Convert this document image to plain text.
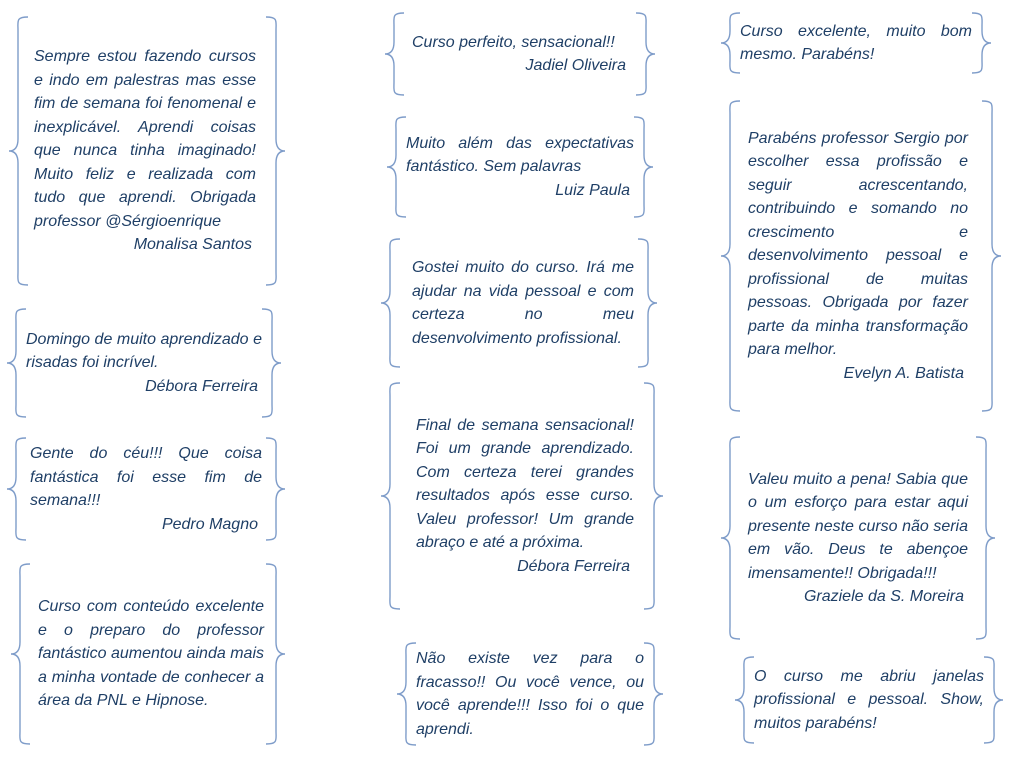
Sempre estou fazendo cursos e indo em palestras mas esse fim de semana foi fenomenal e inexplicável. Aprendi coisas que nunca tinha imaginado! Muito feliz e realizada com tudo que aprendi. Obrigada professor @Sérgioenrique
Monalisa Santos
Domingo de muito aprendizado e risadas foi incrível.
Débora Ferreira
Gente do céu!!! Que coisa fantástica foi esse fim de semana!!!
Pedro Magno
Curso com conteúdo excelente e o preparo do professor fantástico aumentou ainda mais a minha vontade de conhecer a área da PNL e Hipnose.
Curso perfeito, sensacional!!
Jadiel Oliveira
Muito além das expectativas fantástico. Sem palavras
Luiz Paula
Gostei muito do curso. Irá me ajudar na vida pessoal e com certeza no meu desenvolvimento profissional.
Final de semana sensacional! Foi um grande aprendizado. Com certeza terei grandes resultados após esse curso. Valeu professor! Um grande abraço e até a próxima.
Débora Ferreira
Não existe vez para o fracasso!! Ou você vence, ou você aprende!!! Isso foi o que aprendi.
Curso excelente, muito bom mesmo. Parabéns!
Parabéns professor Sergio por escolher essa profissão e seguir acrescentando, contribuindo e somando no crescimento e desenvolvimento pessoal e profissional de muitas pessoas. Obrigada por fazer parte da minha transformação para melhor.
Evelyn A. Batista
Valeu muito a pena! Sabia que o um esforço para estar aqui presente neste curso não seria em vão. Deus te abençoe imensamente!! Obrigada!!!
Graziele da S. Moreira
O curso me abriu janelas profissional e pessoal. Show, muitos parabéns!
